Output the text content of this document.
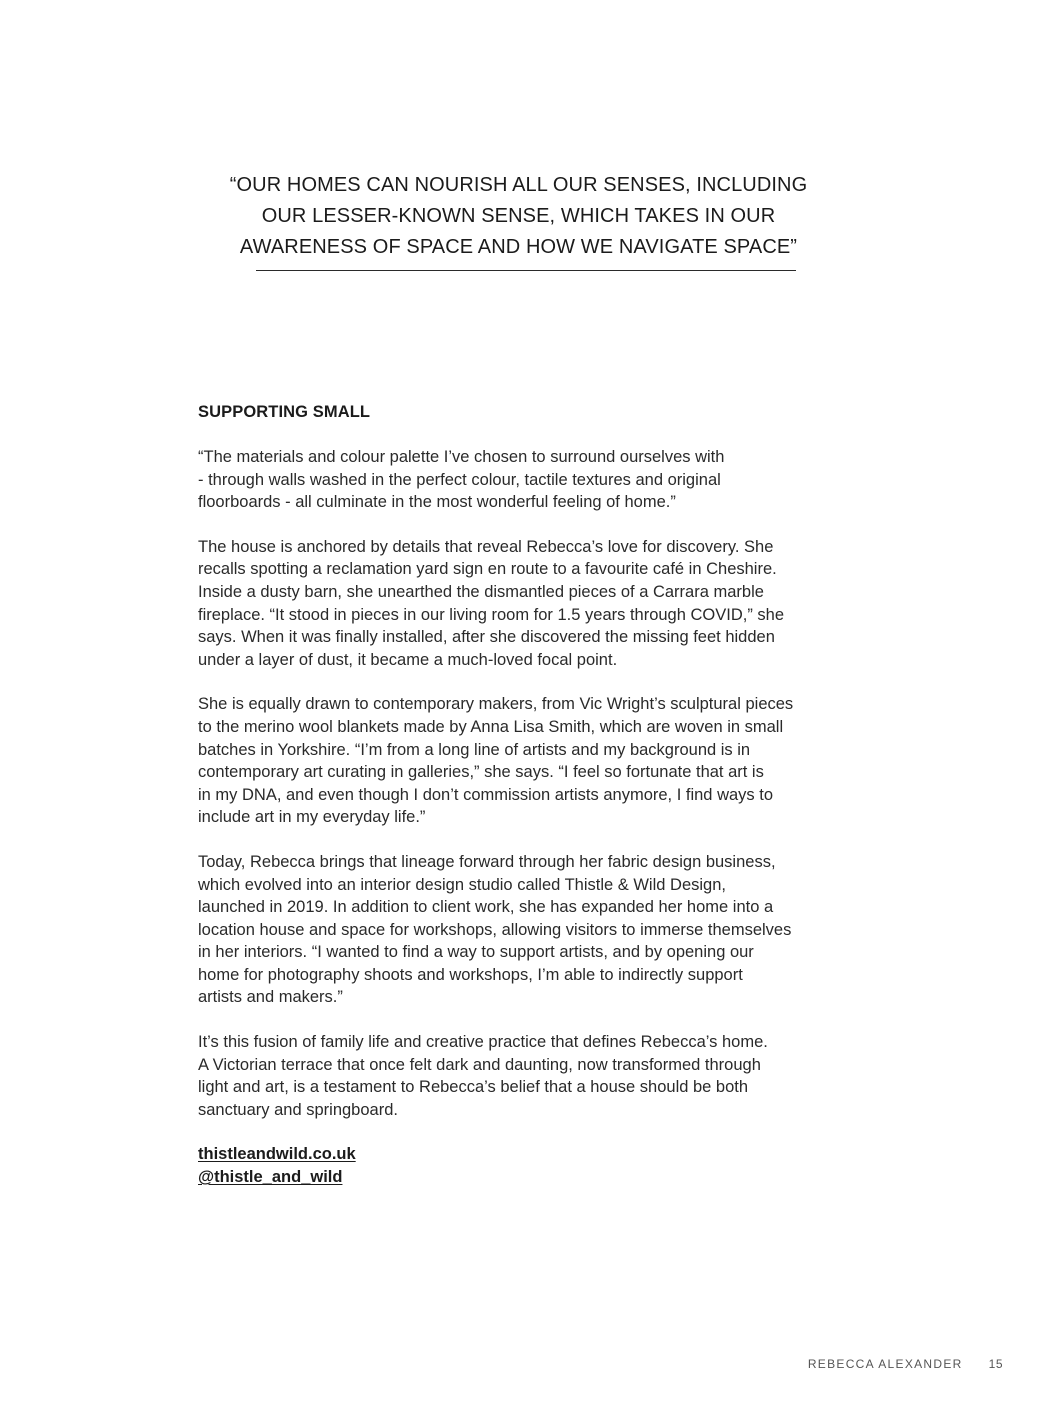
“OUR HOMES CAN NOURISH ALL OUR SENSES, INCLUDING
OUR LESSER-KNOWN SENSE, WHICH TAKES IN OUR
AWARENESS OF SPACE AND HOW WE NAVIGATE SPACE”
SUPPORTING SMALL

“The materials and colour palette I’ve chosen to surround ourselves with
- through walls washed in the perfect colour, tactile textures and original
floorboards - all culminate in the most wonderful feeling of home.”

The house is anchored by details that reveal Rebecca’s love for discovery. She
recalls spotting a reclamation yard sign en route to a favourite café in Cheshire.
Inside a dusty barn, she unearthed the dismantled pieces of a Carrara marble
fireplace. “It stood in pieces in our living room for 1.5 years through COVID,” she
says. When it was finally installed, after she discovered the missing feet hidden
under a layer of dust, it became a much-loved focal point.

She is equally drawn to contemporary makers, from Vic Wright’s sculptural pieces
to the merino wool blankets made by Anna Lisa Smith, which are woven in small
batches in Yorkshire. “I’m from a long line of artists and my background is in
contemporary art curating in galleries,” she says. “I feel so fortunate that art is
in my DNA, and even though I don’t commission artists anymore, I find ways to
include art in my everyday life.”

Today, Rebecca brings that lineage forward through her fabric design business,
which evolved into an interior design studio called Thistle & Wild Design,
launched in 2019. In addition to client work, she has expanded her home into a
location house and space for workshops, allowing visitors to immerse themselves
in her interiors. “I wanted to find a way to support artists, and by opening our
home for photography shoots and workshops, I’m able to indirectly support
artists and makers.”

It’s this fusion of family life and creative practice that defines Rebecca’s home.
A Victorian terrace that once felt dark and daunting, now transformed through
light and art, is a testament to Rebecca’s belief that a house should be both
sanctuary and springboard.

thistleandwild.co.uk
@thistle_and_wild
REBECCA ALEXANDER 15
